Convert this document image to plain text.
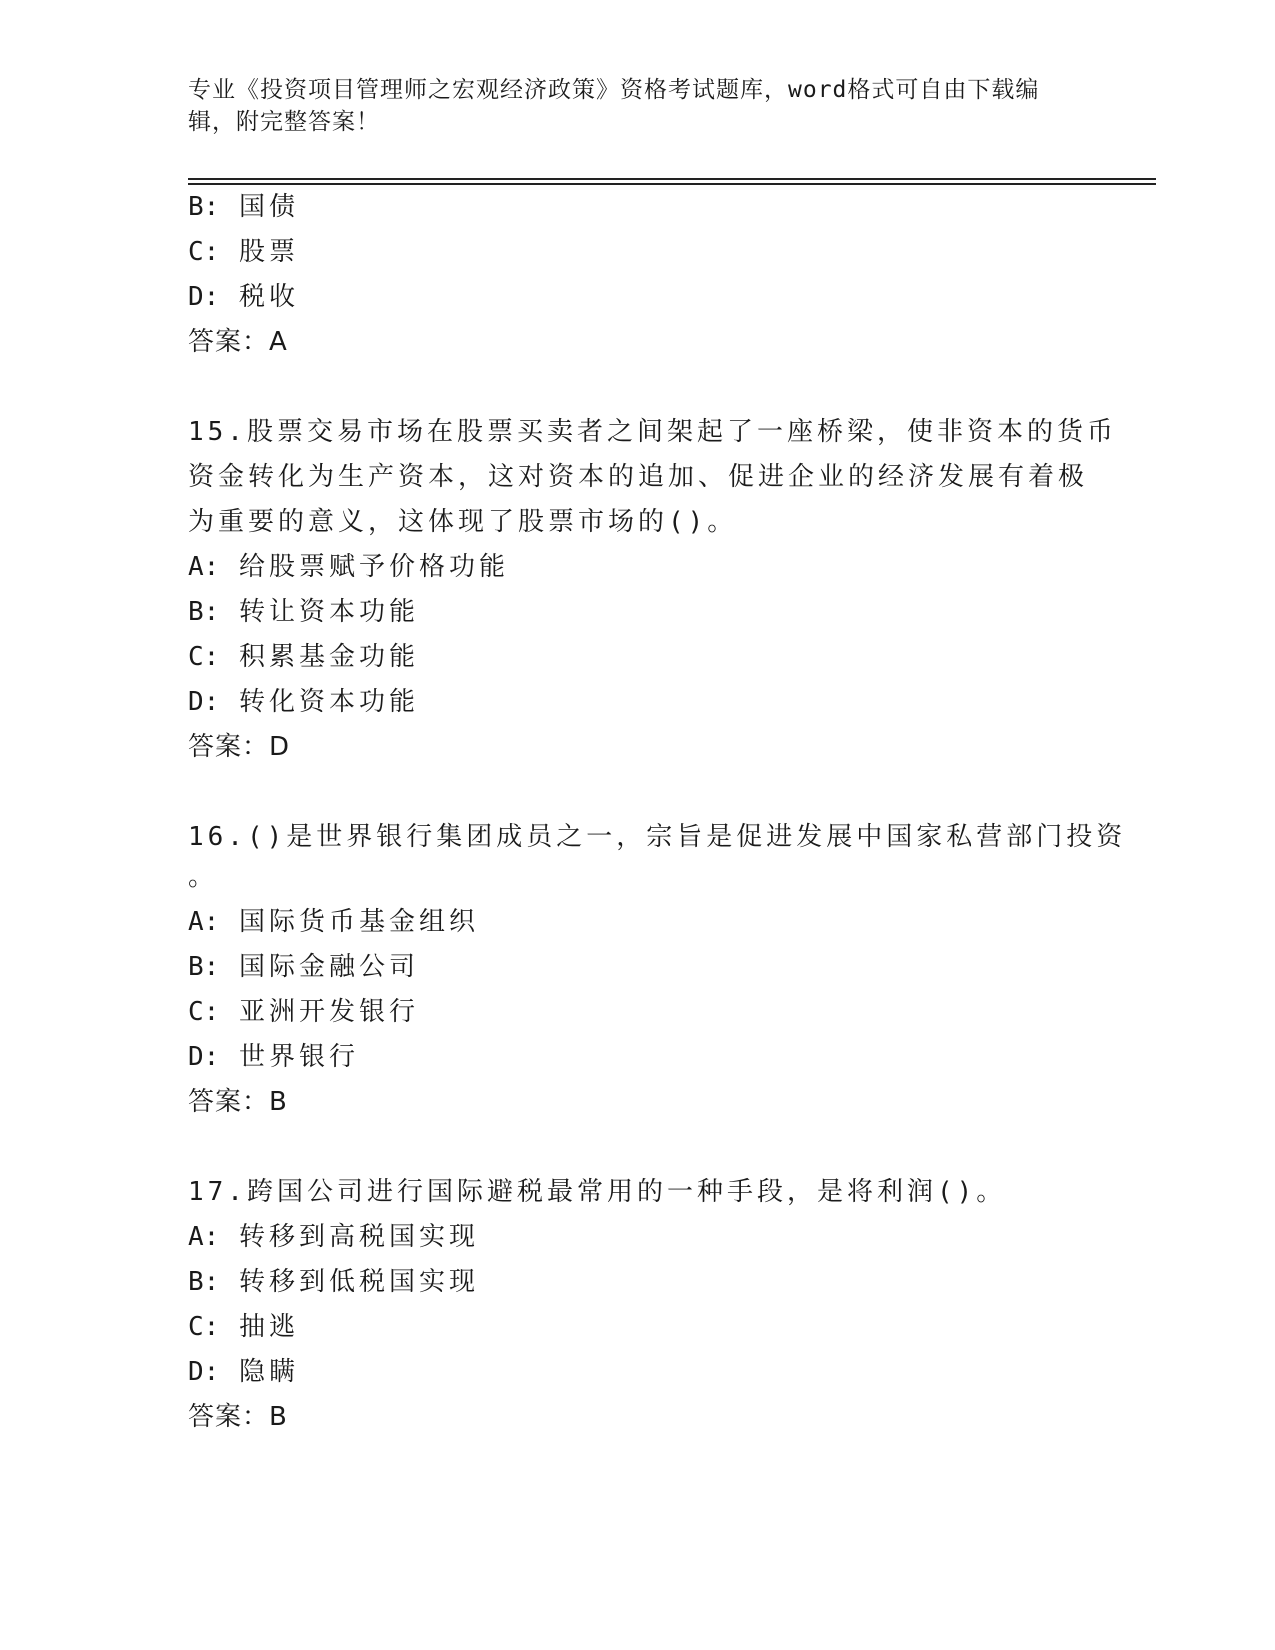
专业《投资项目管理师之宏观经济政策》资格考试题库，word格式可自由下载编
辑，附完整答案！
B: 国债
C: 股票
D: 税收
答案：A
15.股票交易市场在股票买卖者之间架起了一座桥梁，使非资本的货币
资金转化为生产资本，这对资本的追加、促进企业的经济发展有着极
为重要的意义，这体现了股票市场的()。
A: 给股票赋予价格功能
B: 转让资本功能
C: 积累基金功能
D: 转化资本功能
答案：D
16.()是世界银行集团成员之一，宗旨是促进发展中国家私营部门投资
。
A: 国际货币基金组织
B: 国际金融公司
C: 亚洲开发银行
D: 世界银行
答案：B
17.跨国公司进行国际避税最常用的一种手段，是将利润()。
A: 转移到高税国实现
B: 转移到低税国实现
C: 抽逃
D: 隐瞒
答案：B
